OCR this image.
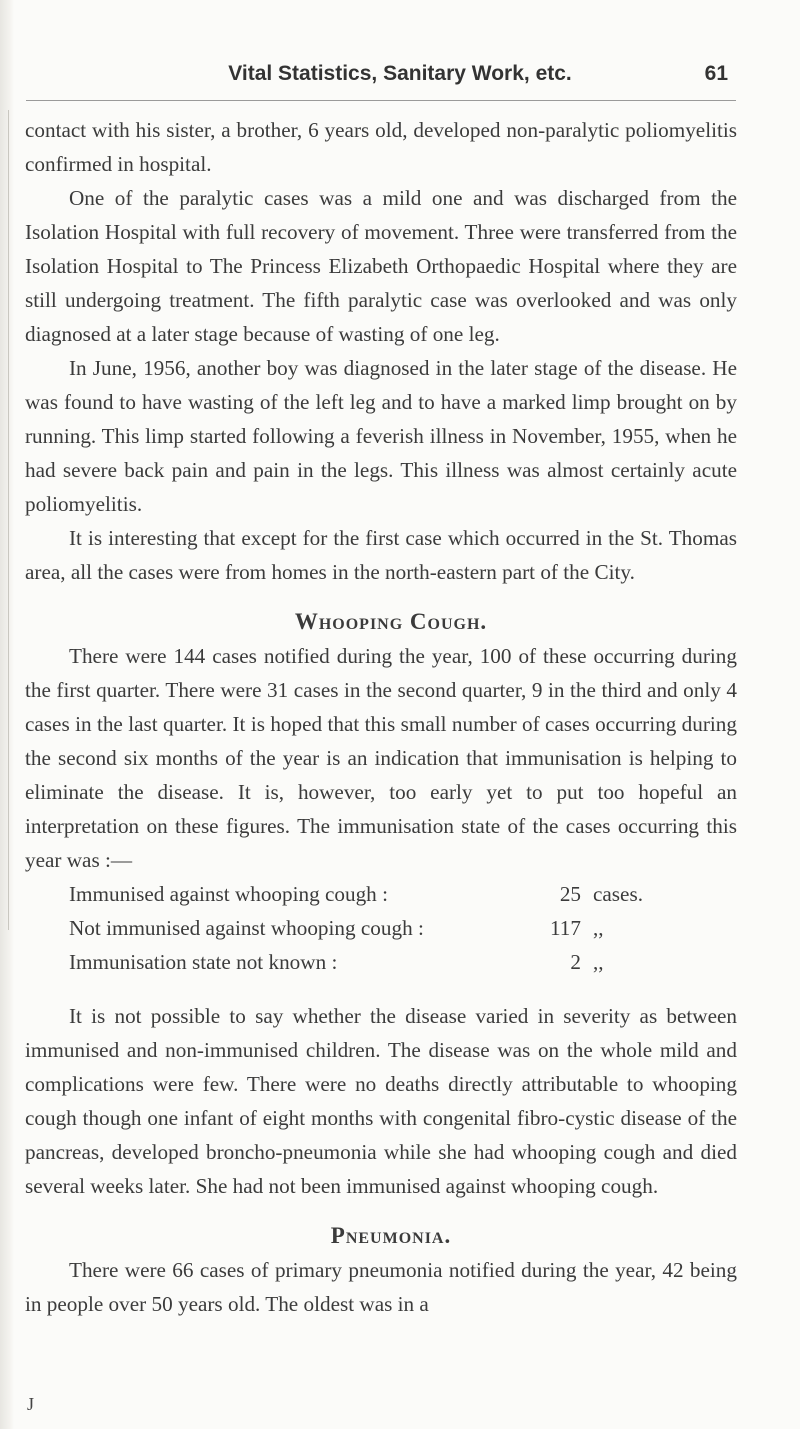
Vital Statistics, Sanitary Work, etc.	61

contact with his sister, a brother, 6 years old, developed non-paralytic poliomyelitis confirmed in hospital.

One of the paralytic cases was a mild one and was discharged from the Isolation Hospital with full recovery of movement. Three were transferred from the Isolation Hospital to The Princess Elizabeth Orthopaedic Hospital where they are still undergoing treatment. The fifth paralytic case was overlooked and was only diagnosed at a later stage because of wasting of one leg.

In June, 1956, another boy was diagnosed in the later stage of the disease. He was found to have wasting of the left leg and to have a marked limp brought on by running. This limp started following a feverish illness in November, 1955, when he had severe back pain and pain in the legs. This illness was almost certainly acute poliomyelitis.

It is interesting that except for the first case which occurred in the St. Thomas area, all the cases were from homes in the north-eastern part of the City.

Whooping Cough.

There were 144 cases notified during the year, 100 of these occurring during the first quarter. There were 31 cases in the second quarter, 9 in the third and only 4 cases in the last quarter. It is hoped that this small number of cases occurring during the second six months of the year is an indication that immunisation is helping to eliminate the disease. It is, however, too early yet to put too hopeful an interpretation on these figures. The immunisation state of the cases occurring this year was :—

Immunised against whooping cough :	25 cases.
Not immunised against whooping cough :	117 ,,
Immunisation state not known :	2 ,,

It is not possible to say whether the disease varied in severity as between immunised and non-immunised children. The disease was on the whole mild and complications were few. There were no deaths directly attributable to whooping cough though one infant of eight months with congenital fibro-cystic disease of the pancreas, developed broncho-pneumonia while she had whooping cough and died several weeks later. She had not been immunised against whooping cough.

Pneumonia.

There were 66 cases of primary pneumonia notified during the year, 42 being in people over 50 years old. The oldest was in a

J
